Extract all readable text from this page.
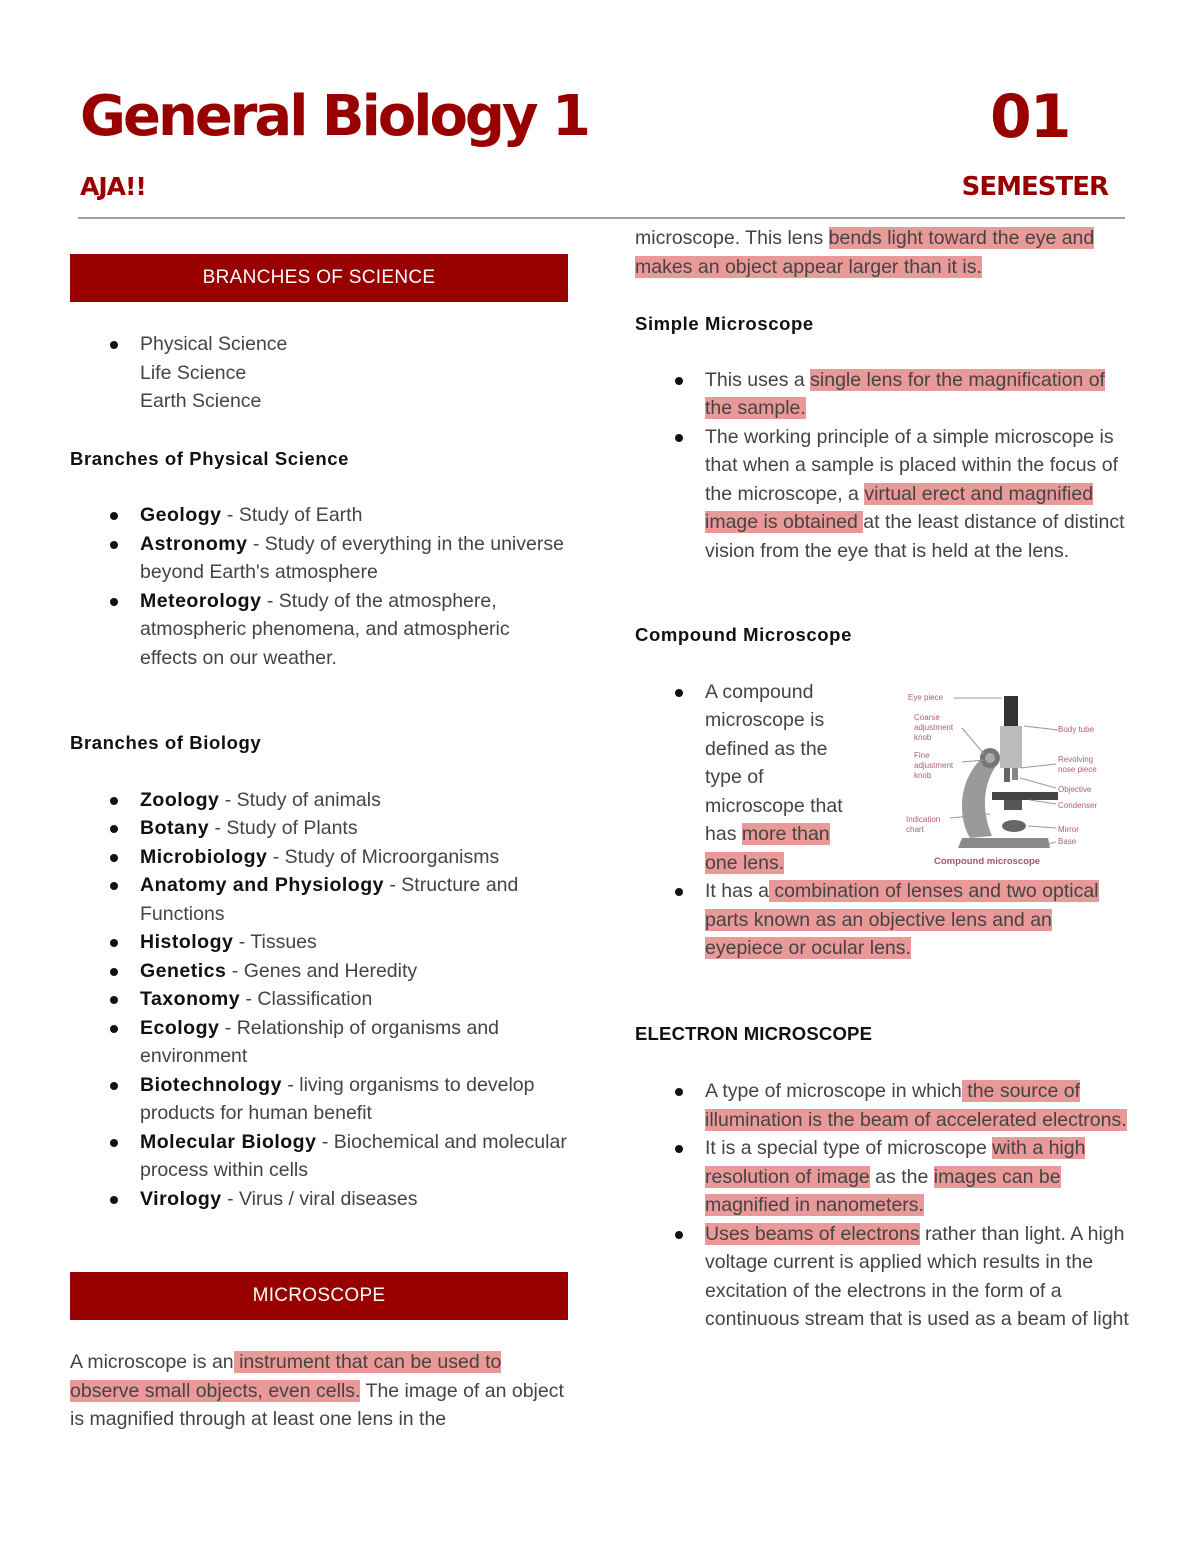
General Biology 1	01
AJA!!	SEMESTER
BRANCHES OF SCIENCE
Physical Science
Life Science
Earth Science

Branches of Physical Science

Geology - Study of Earth
Astronomy - Study of everything in the universe beyond Earth's atmosphere
Meteorology - Study of the atmosphere, atmospheric phenomena, and atmospheric effects on our weather.

Branches of Biology

Zoology - Study of animals
Botany - Study of Plants
Microbiology - Study of Microorganisms
Anatomy and Physiology - Structure and Functions
Histology - Tissues
Genetics - Genes and Heredity
Taxonomy - Classification
Ecology - Relationship of organisms and environment
Biotechnology - living organisms to develop products for human benefit
Molecular Biology - Biochemical and molecular process within cells
Virology - Virus / viral diseases
MICROSCOPE

A microscope is an instrument that can be used to observe small objects, even cells. The image of an object is magnified through at least one lens in the

microscope. This lens bends light toward the eye and makes an object appear larger than it is.

Simple Microscope

This uses a single lens for the magnification of the sample.
The working principle of a simple microscope is that when a sample is placed within the focus of the microscope, a virtual erect and magnified image is obtained at the least distance of distinct vision from the eye that is held at the lens.

Compound Microscope

A compound microscope is defined as the type of microscope that has more than one lens.
It has a combination of lenses and two optical parts known as an objective lens and an eyepiece or ocular lens.

ELECTRON MICROSCOPE

A type of microscope in which the source of illumination is the beam of accelerated electrons.
It is a special type of microscope with a high resolution of image as the images can be magnified in nanometers.
Uses beams of electrons rather than light. A high voltage current is applied which results in the excitation of the electrons in the form of a continuous stream that is used as a beam of light
Eye piece
Coarse
adjustment
knob
Fine
adjustment
knob
Indication
chart
Body tube
Revolving
nose piece
Objective
Condenser
Mirror
Base
Compound microscope
